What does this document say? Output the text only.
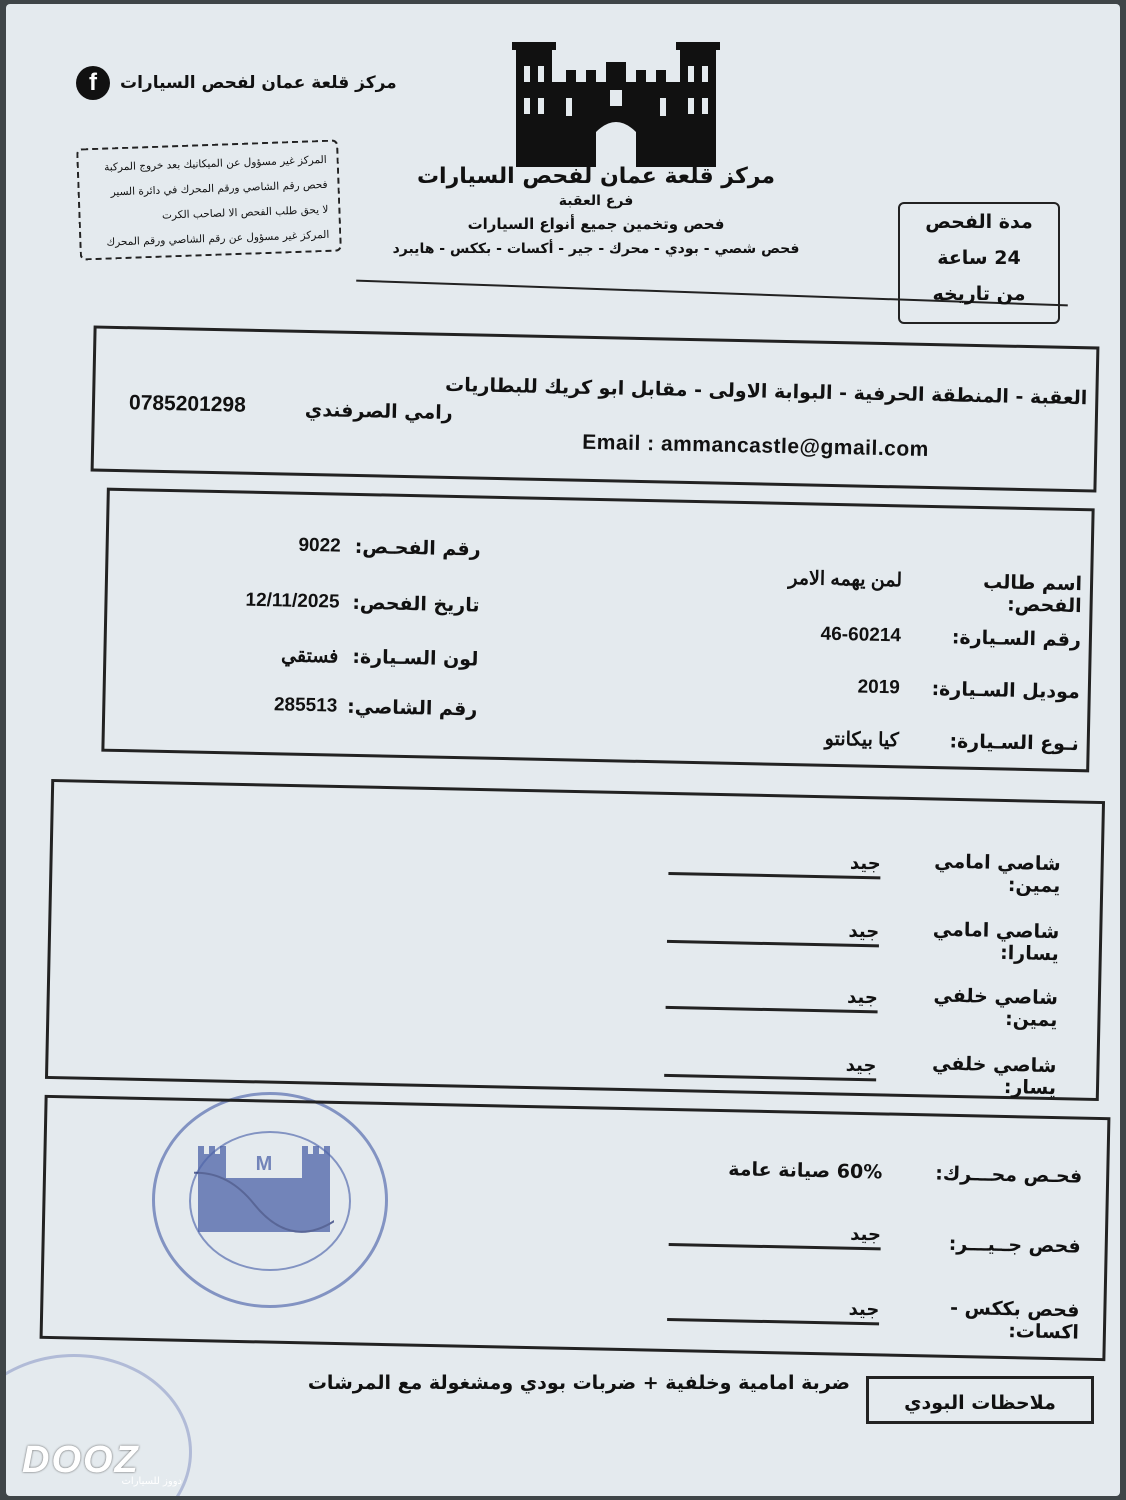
مركز قلعة عمان لفحص السيارات
f
المركز غير مسؤول عن الميكانيك بعد خروج المركبة
فحص رقم الشاصي ورقم المحرك في دائرة السير
لا يحق طلب الفحص الا لصاحب الكرت
المركز غير مسؤول عن رقم الشاصي ورقم المحرك
مركز قلعة عمان لفحص السيارات
فرع العقبة
فحص وتخمين جميع أنواع السيارات
فحص شصي - بودي - محرك - جير - أكسات - بككس - هايبرد
مدة الفحص
24 ساعة
من تاريخه
العقبة - المنطقة الحرفية - البوابة الاولى - مقابل ابو كريك للبطاريات
0785201298	رامي الصرفندي
Email : ammancastle@gmail.com
اسم طالب الفحص:
لمن يهمه الامر
رقم السـيارة:
46-60214
موديل السـيارة:
2019
نـوع السـيارة:
كيا بيكانتو
رقم الفحـص:
9022
تاريخ الفحص:
12/11/2025
لون السـيارة:
فستقي
رقم الشاصي:
285513
شاصي امامي يمين:
جيد
شاصي امامي يسارا:
جيد
شاصي خلفي يمين:
جيد
شاصي خلفي يسار:
جيد
M	فحـص محـــرك:
60% صيانة عامة
فحص جــيـــر:
جيد
فحص بككس - اكسات:
جيد
ملاحظات البودي
ضربة امامية وخلفية + ضربات بودي ومشغولة مع المرشات
DOOZ
دووز للسيارات
